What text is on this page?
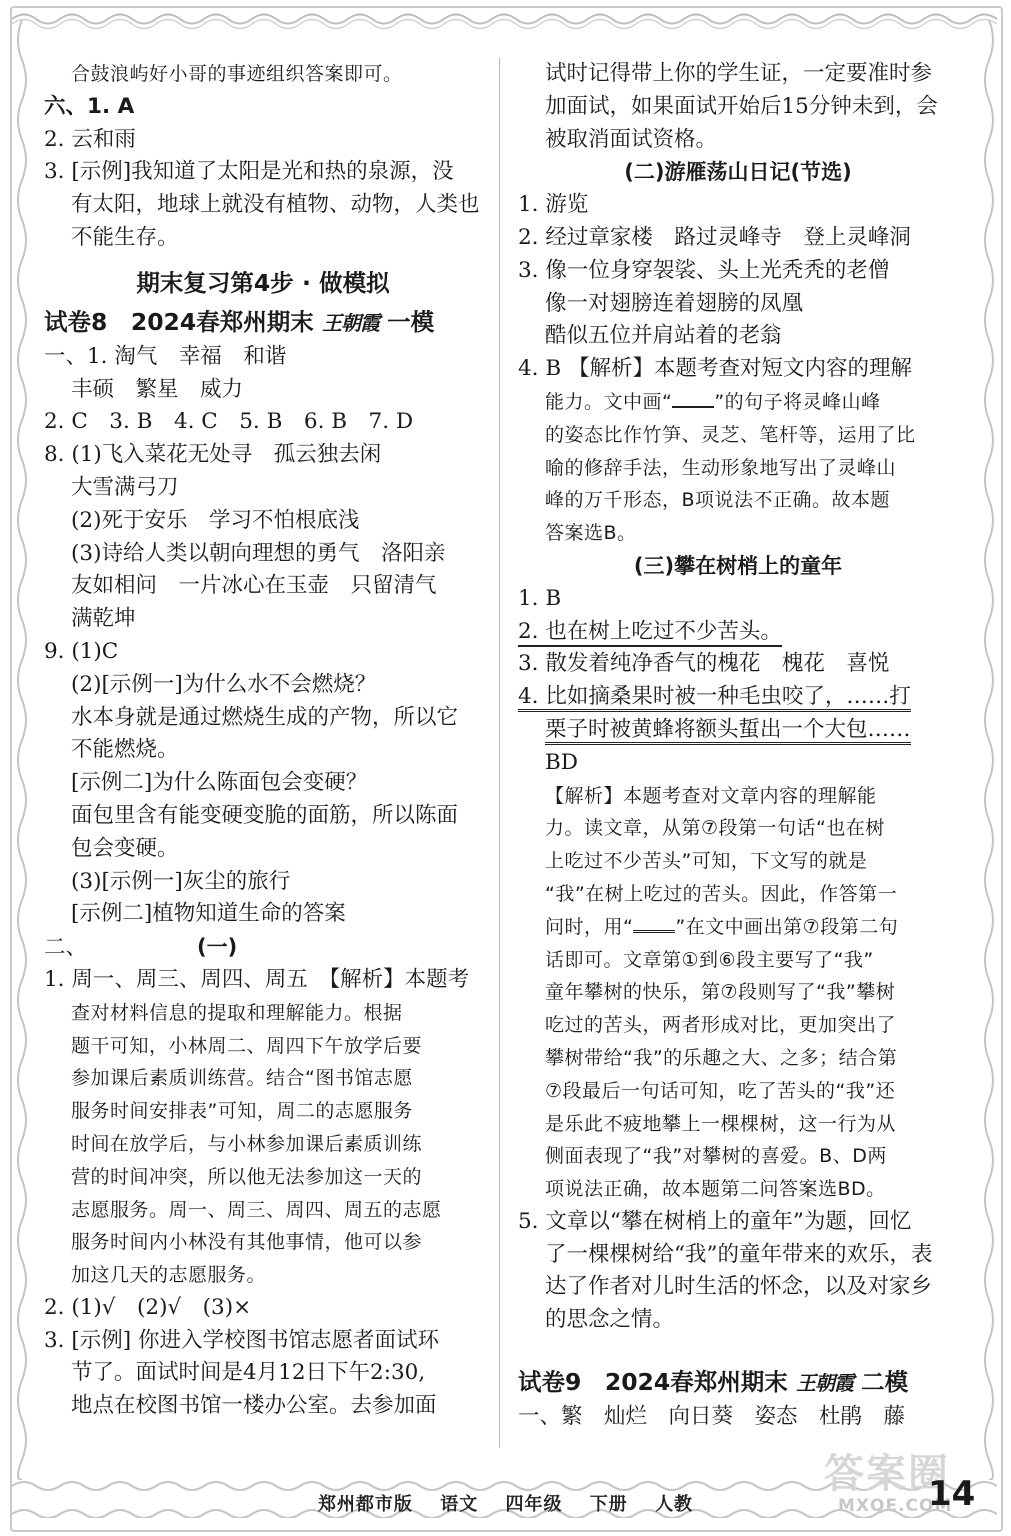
合鼓浪屿好小哥的事迹组织答案即可。
六、1. A
2. 云和雨
3. [示例]我知道了太阳是光和热的泉源，没
有太阳，地球上就没有植物、动物，人类也
不能生存。
期末复习第4步 · 做模拟
试卷8　2024春郑州期末 王朝霞 一模
一、1. 淘气　幸福　和谐
丰硕　繁星　威力
2. C　3. B　4. C　5. B　6. B　7. D
8. (1)飞入菜花无处寻　孤云独去闲
大雪满弓刀
(2)死于安乐　学习不怕根底浅
(3)诗给人类以朝向理想的勇气　洛阳亲
友如相问　一片冰心在玉壶　只留清气
满乾坤
9. (1)C
(2)[示例一]为什么水不会燃烧？
水本身就是通过燃烧生成的产物，所以它
不能燃烧。
[示例二]为什么陈面包会变硬？
面包里含有能变硬变脆的面筋，所以陈面
包会变硬。
(3)[示例一]灰尘的旅行
[示例二]植物知道生命的答案
二、	(一)
1. 周一、周三、周四、周五　【解析】本题考
查对材料信息的提取和理解能力。根据
题干可知，小林周二、周四下午放学后要
参加课后素质训练营。结合“图书馆志愿
服务时间安排表”可知，周二的志愿服务
时间在放学后，与小林参加课后素质训练
营的时间冲突，所以他无法参加这一天的
志愿服务。周一、周三、周四、周五的志愿
服务时间内小林没有其他事情，他可以参
加这几天的志愿服务。
2. (1)√　(2)√　(3)×
3. [示例] 你进入学校图书馆志愿者面试环
节了。面试时间是4月12日下午2:30,
地点在校图书馆一楼办公室。去参加面
试时记得带上你的学生证，一定要准时参
加面试，如果面试开始后15分钟未到，会
被取消面试资格。
(二)游雁荡山日记(节选)
1. 游览
2. 经过章家楼　路过灵峰寺　登上灵峰洞
3. 像一位身穿袈裟、头上光秃秃的老僧
像一对翅膀连着翅膀的凤凰
酷似五位并肩站着的老翁
4. B 【解析】本题考查对短文内容的理解
能力。文中画“ ”的句子将灵峰山峰
的姿态比作竹笋、灵芝、笔杆等，运用了比
喻的修辞手法，生动形象地写出了灵峰山
峰的万千形态，B项说法不正确。故本题
答案选B。
(三)攀在树梢上的童年
1. B
2. 也在树上吃过不少苦头。
3. 散发着纯净香气的槐花　槐花　喜悦
4. 比如摘桑果时被一种毛虫咬了，……打
栗子时被黄蜂将额头蜇出一个大包……
BD
【解析】本题考查对文章内容的理解能
力。读文章，从第⑦段第一句话“也在树
上吃过不少苦头”可知，下文写的就是
“我”在树上吃过的苦头。因此，作答第一
问时，用“ ”在文中画出第⑦段第二句
话即可。文章第①到⑥段主要写了“我”
童年攀树的快乐，第⑦段则写了“我”攀树
吃过的苦头，两者形成对比，更加突出了
攀树带给“我”的乐趣之大、之多；结合第
⑦段最后一句话可知，吃了苦头的“我”还
是乐此不疲地攀上一棵棵树，这一行为从
侧面表现了“我”对攀树的喜爱。B、D两
项说法正确，故本题第二问答案选BD。
5. 文章以“攀在树梢上的童年”为题，回忆
了一棵棵树给“我”的童年带来的欢乐，表
达了作者对儿时生活的怀念，以及对家乡
的思念之情。
试卷9　2024春郑州期末 王朝霞 二模
一、繁　灿烂　向日葵　姿态　杜鹃　藤
郑州都市版 语文 四年级 下册 人教
答案圈
MXQE.COM
14
